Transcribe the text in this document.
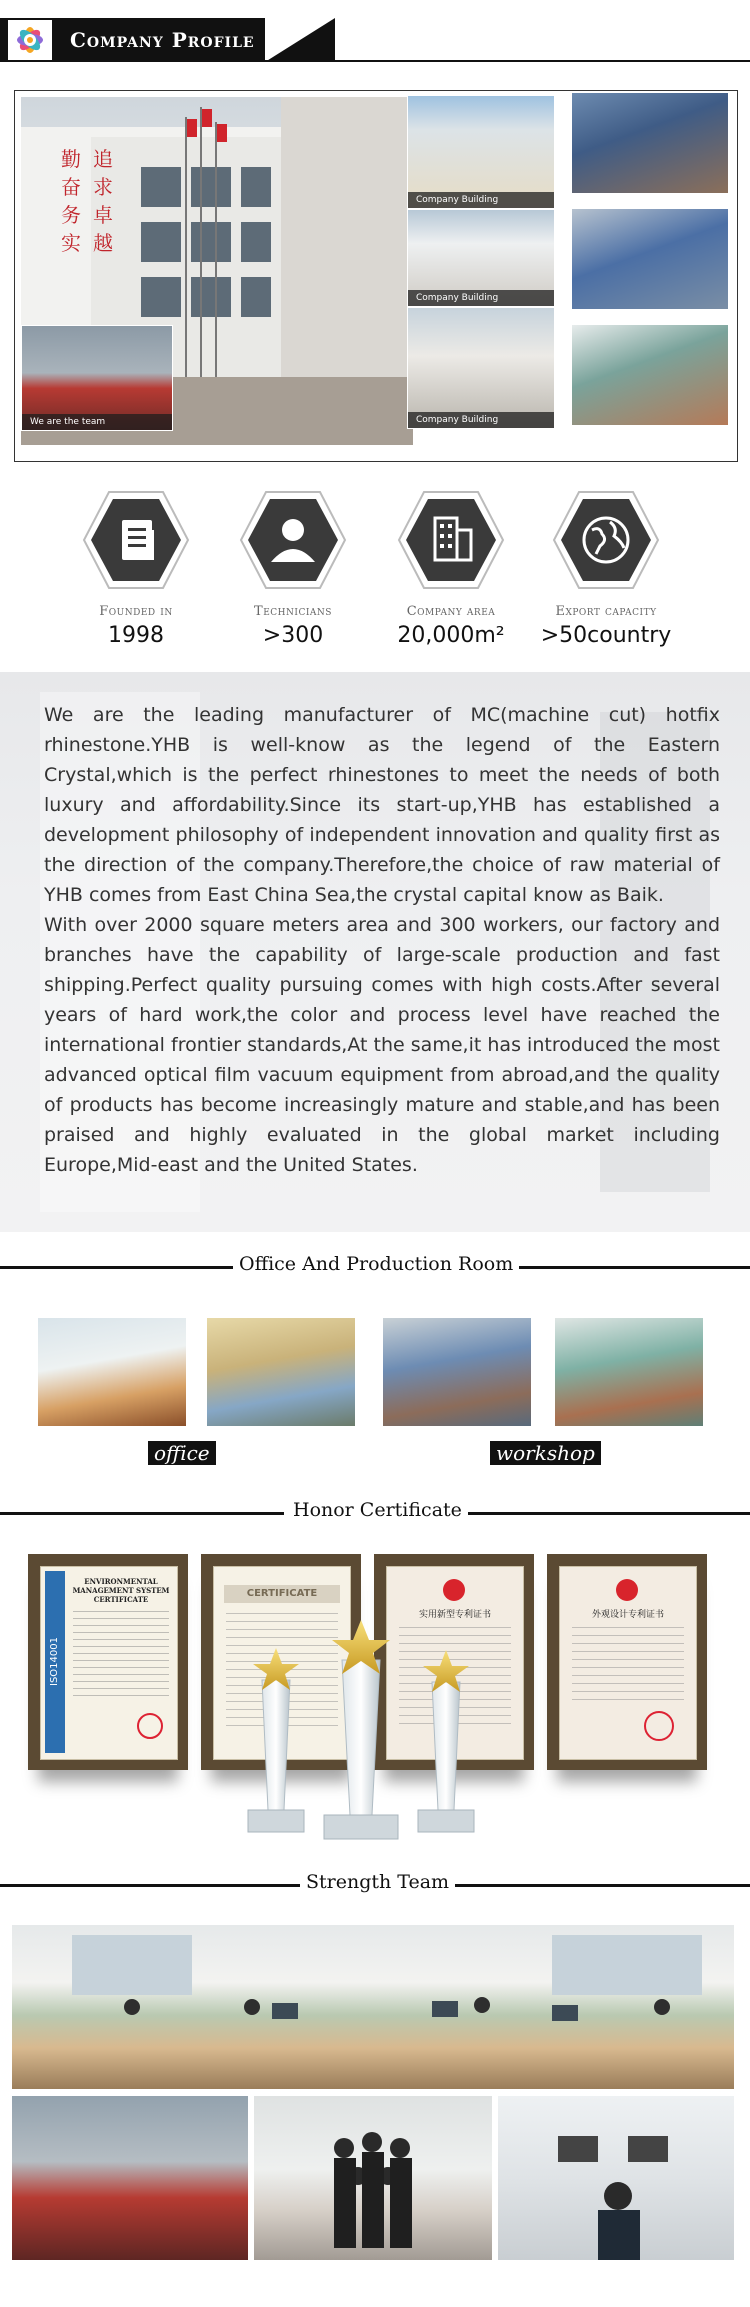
Company Profile
勤 追
奋 求
务 卓
实 越
We are the team
Company Building
Company Building
Company Building
Founded in
1998
Technicians
>300
Company area
20,000m²
Export capacity
>50country

We are the leading manufacturer of MC(machine cut) hotfix rhinestone.YHB is well-know as the legend of the Eastern Crystal,which is the perfect rhinestones to meet the needs of both luxury and affordability.Since its start-up,YHB has established a development philosophy of independent innovation and quality first as the direction of the company.Therefore,the choice of raw material of YHB comes from East China Sea,the crystal capital know as Baik.

With over 2000 square meters area and 300 workers, our factory and branches have the capability of large-scale production and fast shipping.Perfect quality pursuing comes with high costs.After several years of hard work,the color and process level have reached the international frontier standards,At the same,it has introduced the most advanced optical film vacuum equipment from abroad,and the quality of products has become increasingly mature and stable,and has been praised and highly evaluated in the global market including Europe,Mid-east and the United States.

Office And Production Room
office	workshop
Honor Certificate
ISO14001
ENVIRONMENTAL MANAGEMENT SYSTEM CERTIFICATE
CERTIFICATE
实用新型专利证书	外观设计专利证书
Strength Team
